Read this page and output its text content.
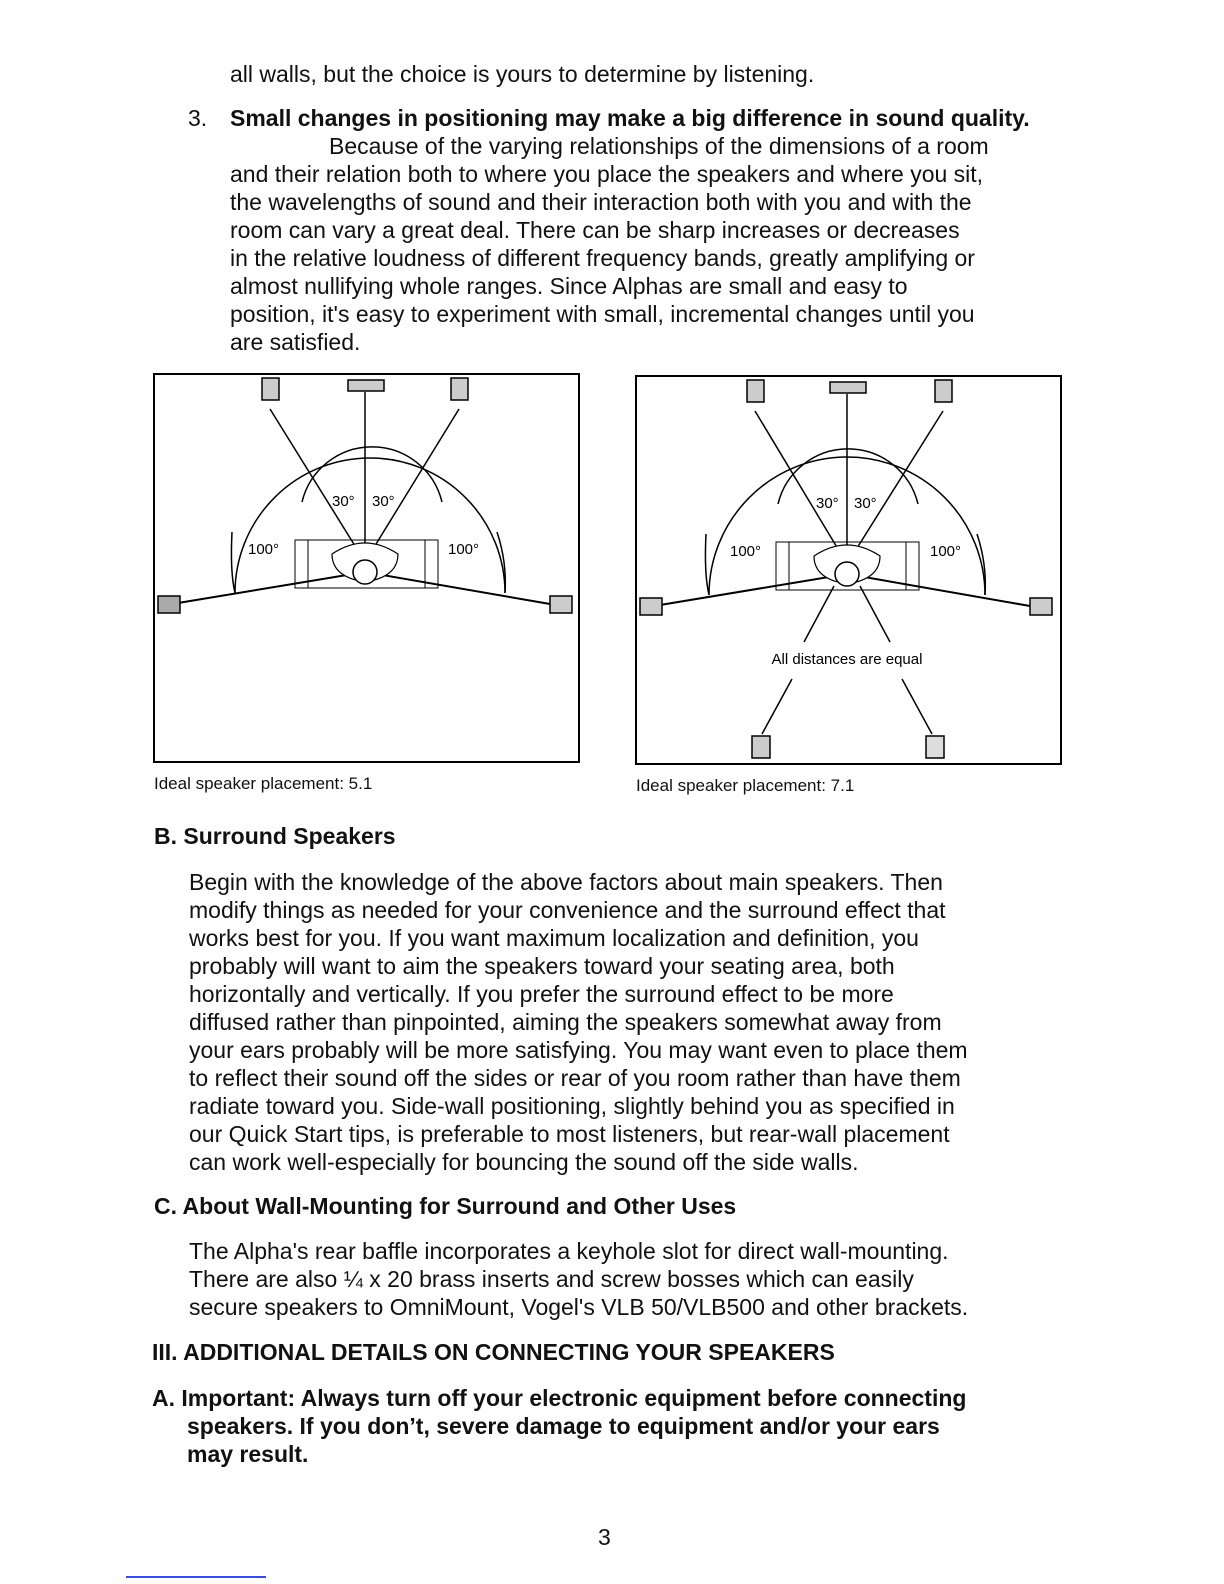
all walls, but the choice is yours to determine by listening.

3. Small changes in positioning may make a big difference in sound quality.

Because of the varying relationships of the dimensions of a room

and their relation both to where you place the speakers and where you sit,

the wavelengths of sound and their interaction both with you and with the

room can vary a great deal. There can be sharp increases or decreases

in the relative loudness of different frequency bands, greatly amplifying or

almost nullifying whole ranges. Since Alphas are small and easy to

position, it's easy to experiment with small, incremental changes until you

are satisfied.

30° 30°
100°	100°
30° 30°
100°	100°
All distances are equal
Ideal speaker placement: 5.1	Ideal speaker placement: 7.1

B. Surround Speakers

Begin with the knowledge of the above factors about main speakers. Then

modify things as needed for your convenience and the surround effect that

works best for you. If you want maximum localization and definition, you

probably will want to aim the speakers toward your seating area, both

horizontally and vertically. If you prefer the surround effect to be more

diffused rather than pinpointed, aiming the speakers somewhat away from

your ears probably will be more satisfying. You may want even to place them

to reflect their sound off the sides or rear of you room rather than have them

radiate toward you. Side-wall positioning, slightly behind you as specified in

our Quick Start tips, is preferable to most listeners, but rear-wall placement

can work well-especially for bouncing the sound off the side walls.

C. About Wall-Mounting for Surround and Other Uses

The Alpha's rear baffle incorporates a keyhole slot for direct wall-mounting.

There are also ¼ x 20 brass inserts and screw bosses which can easily

secure speakers to OmniMount, Vogel's VLB 50/VLB500 and other brackets.

III. ADDITIONAL DETAILS ON CONNECTING YOUR SPEAKERS

A. Important: Always turn off your electronic equipment before connecting

speakers. If you don’t, severe damage to equipment and/or your ears

may result.

3
